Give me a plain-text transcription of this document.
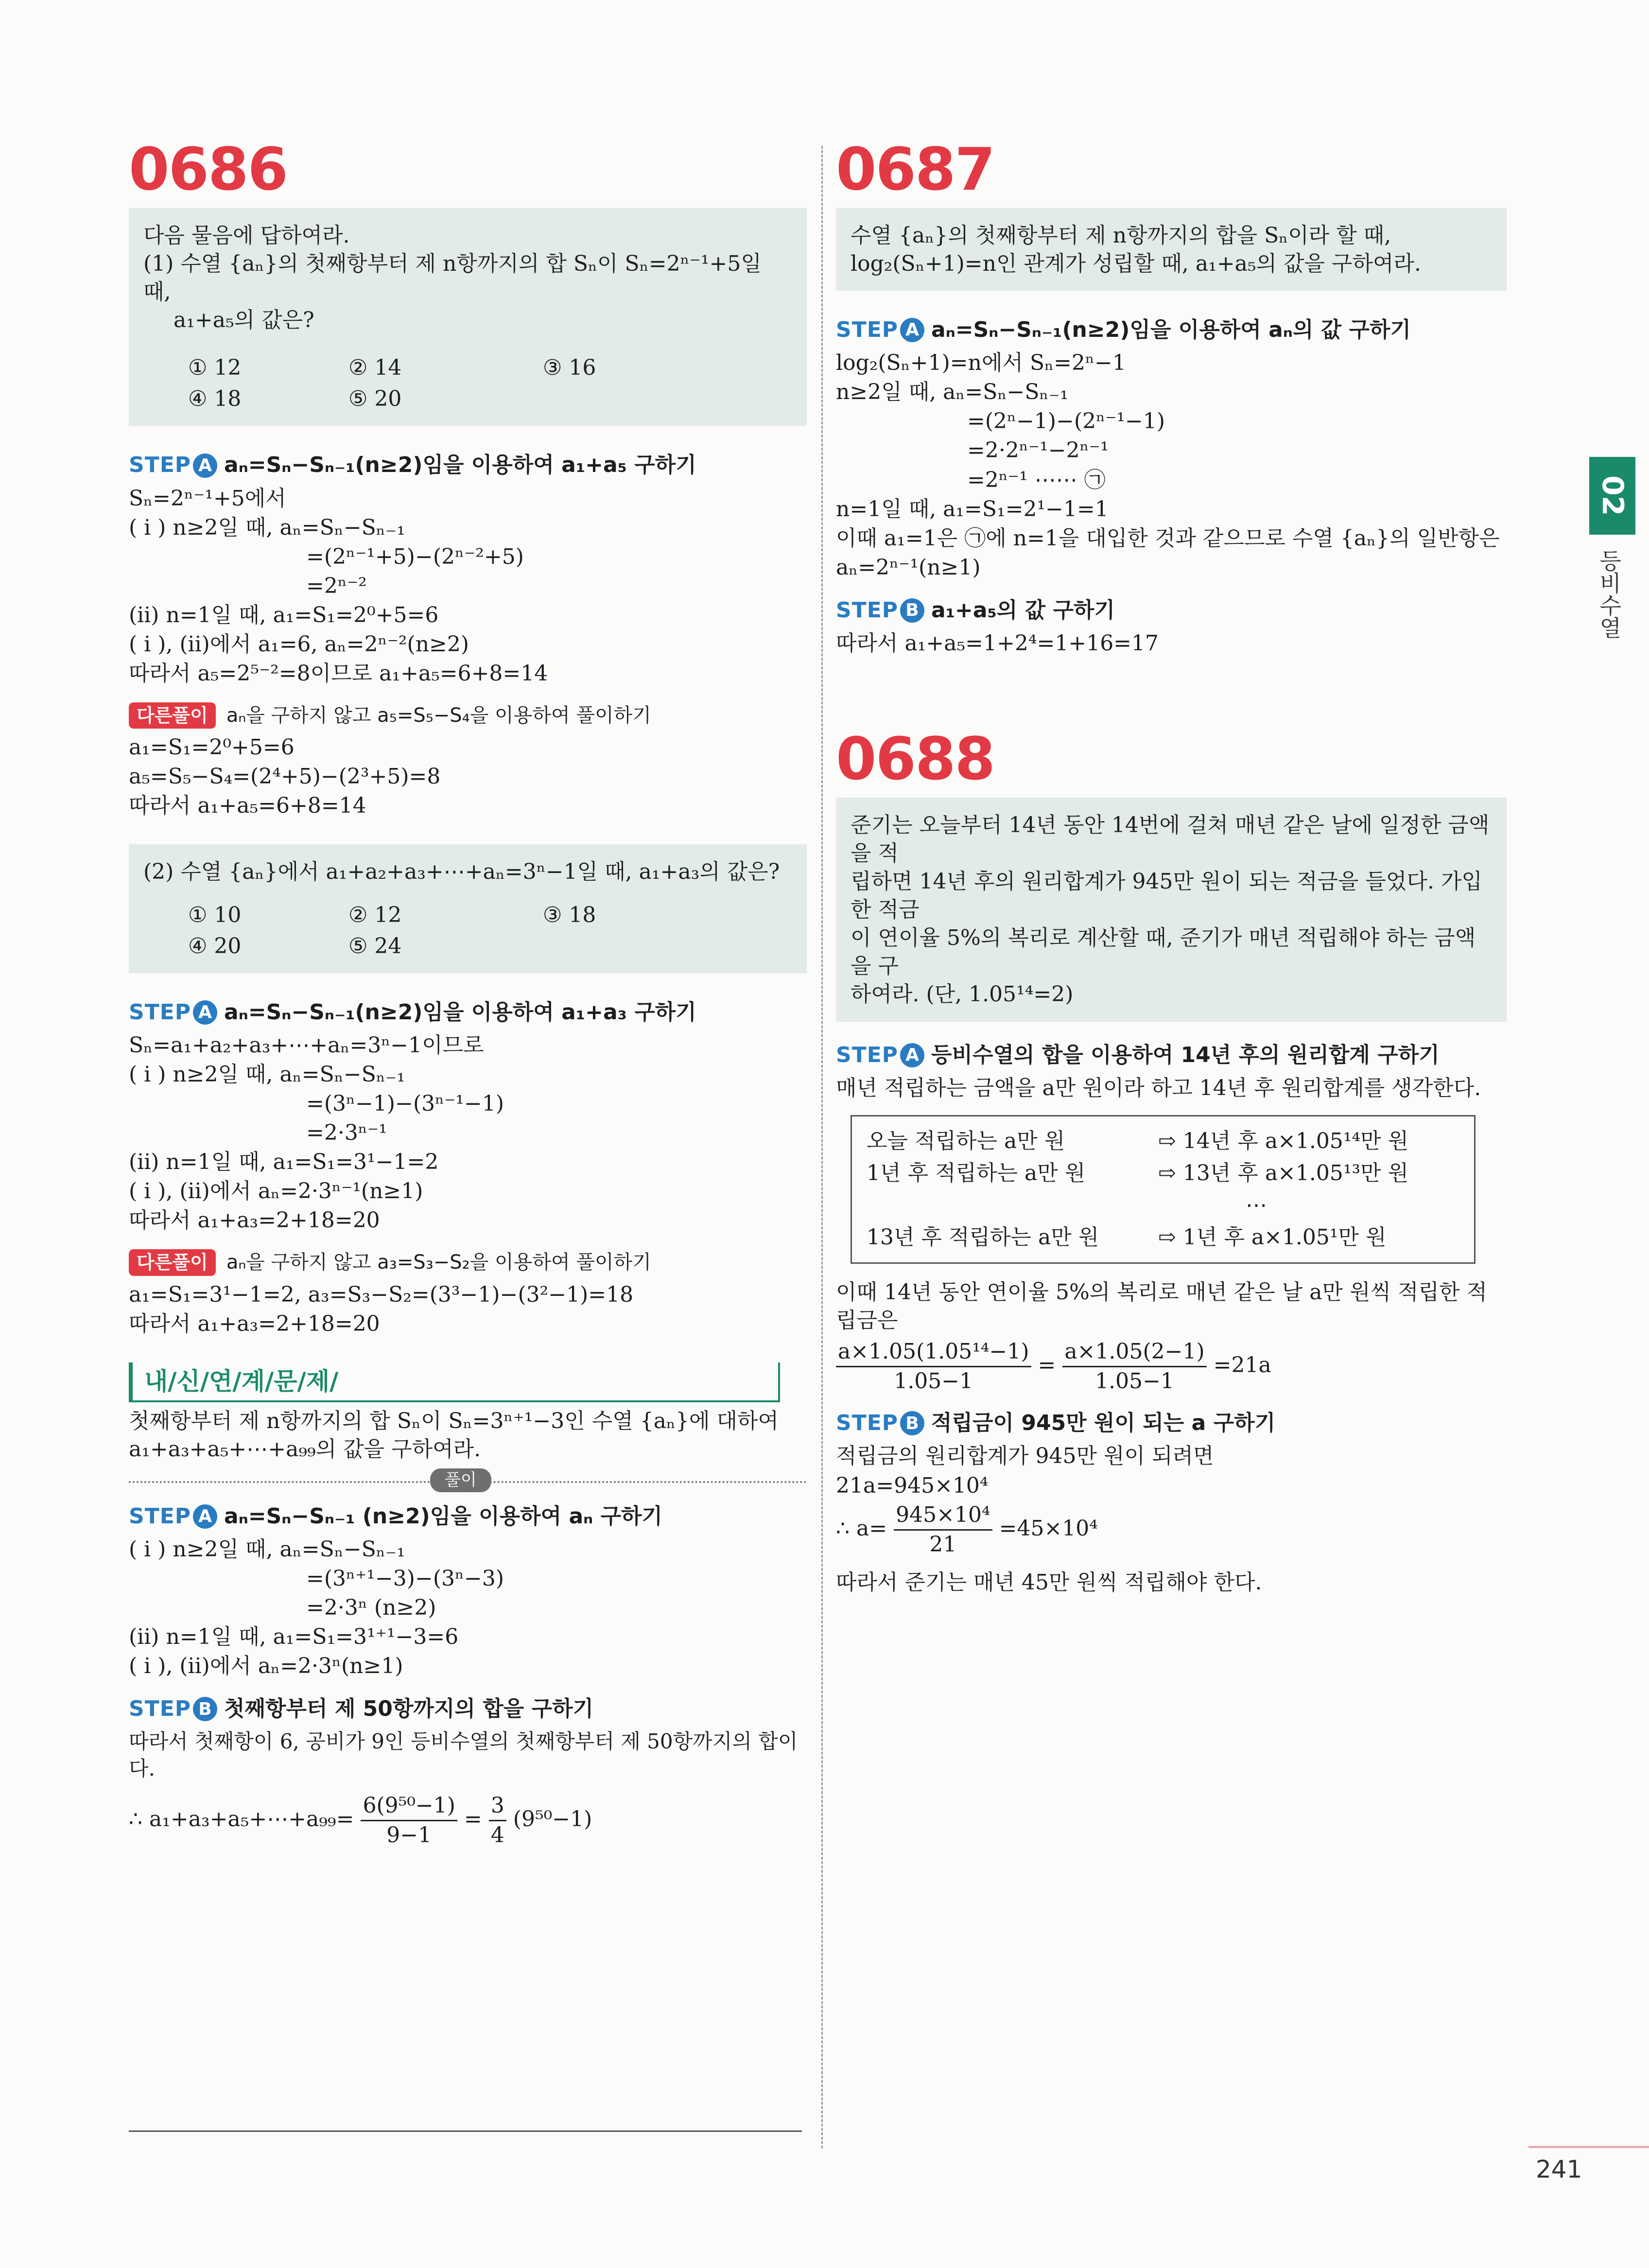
0686

다음 물음에 답하여라.

(1) 수열 {aₙ}의 첫째항부터 제 n항까지의 합 Sₙ이 Sₙ=2ⁿ⁻¹+5일 때,

a₁+a₅의 값은?

① 12	② 14	③ 16
④ 18	⑤ 20
STEP A aₙ=Sₙ−Sₙ₋₁(n≥2)임을 이용하여 a₁+a₅ 구하기

Sₙ=2ⁿ⁻¹+5에서

( i ) n≥2일 때, aₙ=Sₙ−Sₙ₋₁

=(2ⁿ⁻¹+5)−(2ⁿ⁻²+5)

=2ⁿ⁻²

(ii) n=1일 때, a₁=S₁=2⁰+5=6

( i ), (ii)에서 a₁=6, aₙ=2ⁿ⁻²(n≥2)

따라서 a₅=2⁵⁻²=8이므로 a₁+a₅=6+8=14

다른풀이 aₙ을 구하지 않고 a₅=S₅−S₄을 이용하여 풀이하기

a₁=S₁=2⁰+5=6

a₅=S₅−S₄=(2⁴+5)−(2³+5)=8

따라서 a₁+a₅=6+8=14

(2) 수열 {aₙ}에서 a₁+a₂+a₃+⋯+aₙ=3ⁿ−1일 때, a₁+a₃의 값은?

① 10	② 12	③ 18
④ 20	⑤ 24
STEP A aₙ=Sₙ−Sₙ₋₁(n≥2)임을 이용하여 a₁+a₃ 구하기

Sₙ=a₁+a₂+a₃+⋯+aₙ=3ⁿ−1이므로

( i ) n≥2일 때, aₙ=Sₙ−Sₙ₋₁

=(3ⁿ−1)−(3ⁿ⁻¹−1)

=2·3ⁿ⁻¹

(ii) n=1일 때, a₁=S₁=3¹−1=2

( i ), (ii)에서 aₙ=2·3ⁿ⁻¹(n≥1)

따라서 a₁+a₃=2+18=20

다른풀이 aₙ을 구하지 않고 a₃=S₃−S₂을 이용하여 풀이하기

a₁=S₁=3¹−1=2, a₃=S₃−S₂=(3³−1)−(3²−1)=18

따라서 a₁+a₃=2+18=20

내/신/연/계/문/제/

첫째항부터 제 n항까지의 합 Sₙ이 Sₙ=3ⁿ⁺¹−3인 수열 {aₙ}에 대하여

a₁+a₃+a₅+⋯+a₉₉의 값을 구하여라.

풀이
STEP A aₙ=Sₙ−Sₙ₋₁ (n≥2)임을 이용하여 aₙ 구하기

( i ) n≥2일 때, aₙ=Sₙ−Sₙ₋₁

=(3ⁿ⁺¹−3)−(3ⁿ−3)

=2·3ⁿ (n≥2)

(ii) n=1일 때, a₁=S₁=3¹⁺¹−3=6

( i ), (ii)에서 aₙ=2·3ⁿ(n≥1)

STEP B 첫째항부터 제 50항까지의 합을 구하기

따라서 첫째항이 6, 공비가 9인 등비수열의 첫째항부터 제 50항까지의 합이다.

∴ a₁+a₃+a₅+⋯+a₉₉= $\frac{\text{6(9⁵⁰−1)}}{9-1} = \frac{3}{4} (9^{50}-1)$

0687

수열 {aₙ}의 첫째항부터 제 n항까지의 합을 Sₙ이라 할 때,

log₂(Sₙ+1)=n인 관계가 성립할 때, a₁+a₅의 값을 구하여라.

STEP A aₙ=Sₙ−Sₙ₋₁(n≥2)임을 이용하여 aₙ의 값 구하기

log₂(Sₙ+1)=n에서 Sₙ=2ⁿ−1

n≥2일 때, aₙ=Sₙ−Sₙ₋₁

=(2ⁿ−1)−(2ⁿ⁻¹−1)

=2·2ⁿ⁻¹−2ⁿ⁻¹

=2ⁿ⁻¹ ⋯⋯ ㉠

n=1일 때, a₁=S₁=2¹−1=1

이때 a₁=1은 ㉠에 n=1을 대입한 것과 같으므로 수열 {aₙ}의 일반항은

aₙ=2ⁿ⁻¹(n≥1)

STEP B a₁+a₅의 값 구하기

따라서 a₁+a₅=1+2⁴=1+16=17

0688

준기는 오늘부터 14년 동안 14번에 걸쳐 매년 같은 날에 일정한 금액을 적

립하면 14년 후의 원리합계가 945만 원이 되는 적금을 들었다. 가입한 적금

이 연이율 5%의 복리로 계산할 때, 준기가 매년 적립해야 하는 금액을 구

하여라. (단, 1.05¹⁴=2)

STEP A 등비수열의 합을 이용하여 14년 후의 원리합계 구하기

매년 적립하는 금액을 a만 원이라 하고 14년 후 원리합계를 생각한다.

오늘 적립하는 a만 원	⇨ 14년 후 a×1.05¹⁴만 원
1년 후 적립하는 a만 원	⇨ 13년 후 a×1.05¹³만 원
⋯
13년 후 적립하는 a만 원	⇨ 1년 후 a×1.05¹만 원

이때 14년 동안 연이율 5%의 복리로 매년 같은 날 a만 원씩 적립한 적립금은

$\frac{\text{a×1.05(1.05¹⁴−1)}}{1.05-1} = \frac{a\times 1.05(2-1)}{1.05-1} =21a$

STEP B 적립금이 945만 원이 되는 a 구하기

적립금의 원리합계가 945만 원이 되려면

21a=945×10⁴

∴ $a= \frac{\text{945×10⁴}}{21} =45\times 10^4$

따라서 준기는 매년 45만 원씩 적립해야 한다.

02
등비수열
241
